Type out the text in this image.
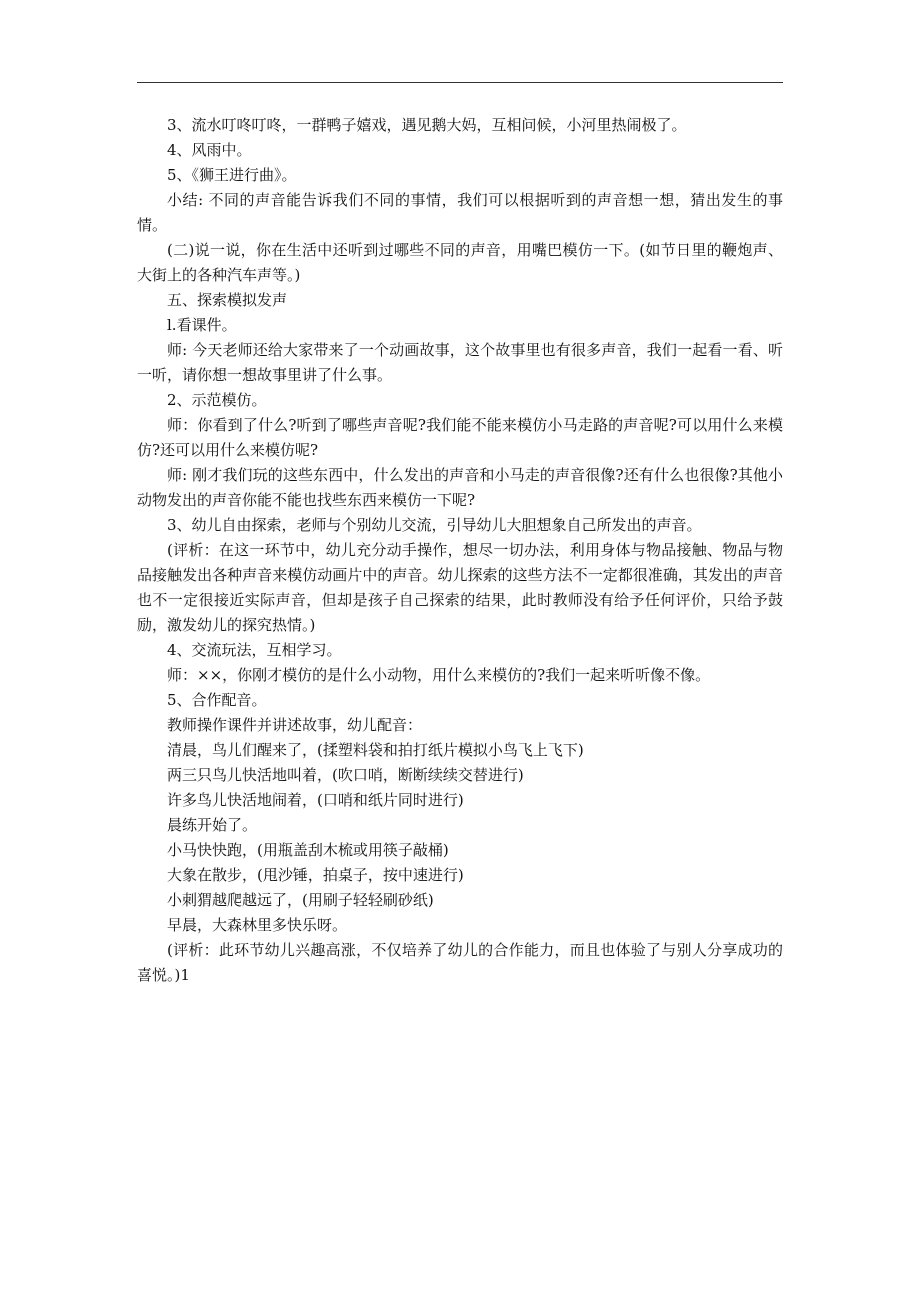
3、流水叮咚叮咚，一群鸭子嬉戏，遇见鹅大妈，互相问候，小河里热闹极了。

4、风雨中。

5、《狮王进行曲》。

小结: 不同的声音能告诉我们不同的事情，我们可以根据听到的声音想一想，猜出发生的事情。

(二)说一说，你在生活中还听到过哪些不同的声音，用嘴巴模仿一下。(如节日里的鞭炮声、大街上的各种汽车声等。)

五、探索模拟发声

l.看课件。

师: 今天老师还给大家带来了一个动画故事，这个故事里也有很多声音，我们一起看一看、听一听，请你想一想故事里讲了什么事。

2、示范模仿。

师：你看到了什么?听到了哪些声音呢?我们能不能来模仿小马走路的声音呢?可以用什么来模仿?还可以用什么来模仿呢?

师: 刚才我们玩的这些东西中，什么发出的声音和小马走的声音很像?还有什么也很像?其他小动物发出的声音你能不能也找些东西来模仿一下呢?

3、幼儿自由探索，老师与个别幼儿交流，引导幼儿大胆想象自己所发出的声音。

(评析：在这一环节中，幼儿充分动手操作，想尽一切办法，利用身体与物品接触、物品与物品接触发出各种声音来模仿动画片中的声音。幼儿探索的这些方法不一定都很准确，其发出的声音也不一定很接近实际声音，但却是孩子自己探索的结果，此时教师没有给予任何评价，只给予鼓励，激发幼儿的探究热情。)

4、交流玩法，互相学习。

师：××，你刚才模仿的是什么小动物，用什么来模仿的?我们一起来听听像不像。

5、合作配音。

教师操作课件并讲述故事，幼儿配音：

清晨，鸟儿们醒来了，(揉塑料袋和拍打纸片模拟小鸟飞上飞下)

两三只鸟儿快活地叫着，(吹口哨，断断续续交替进行)

许多鸟儿快活地闹着，(口哨和纸片同时进行)

晨练开始了。

小马快快跑，(用瓶盖刮木梳或用筷子敲桶)

大象在散步，(甩沙锤，拍桌子，按中速进行)

小刺猬越爬越远了，(用刷子轻轻刷砂纸)

早晨，大森林里多快乐呀。

(评析：此环节幼儿兴趣高涨，不仅培养了幼儿的合作能力，而且也体验了与别人分享成功的喜悦。)1
